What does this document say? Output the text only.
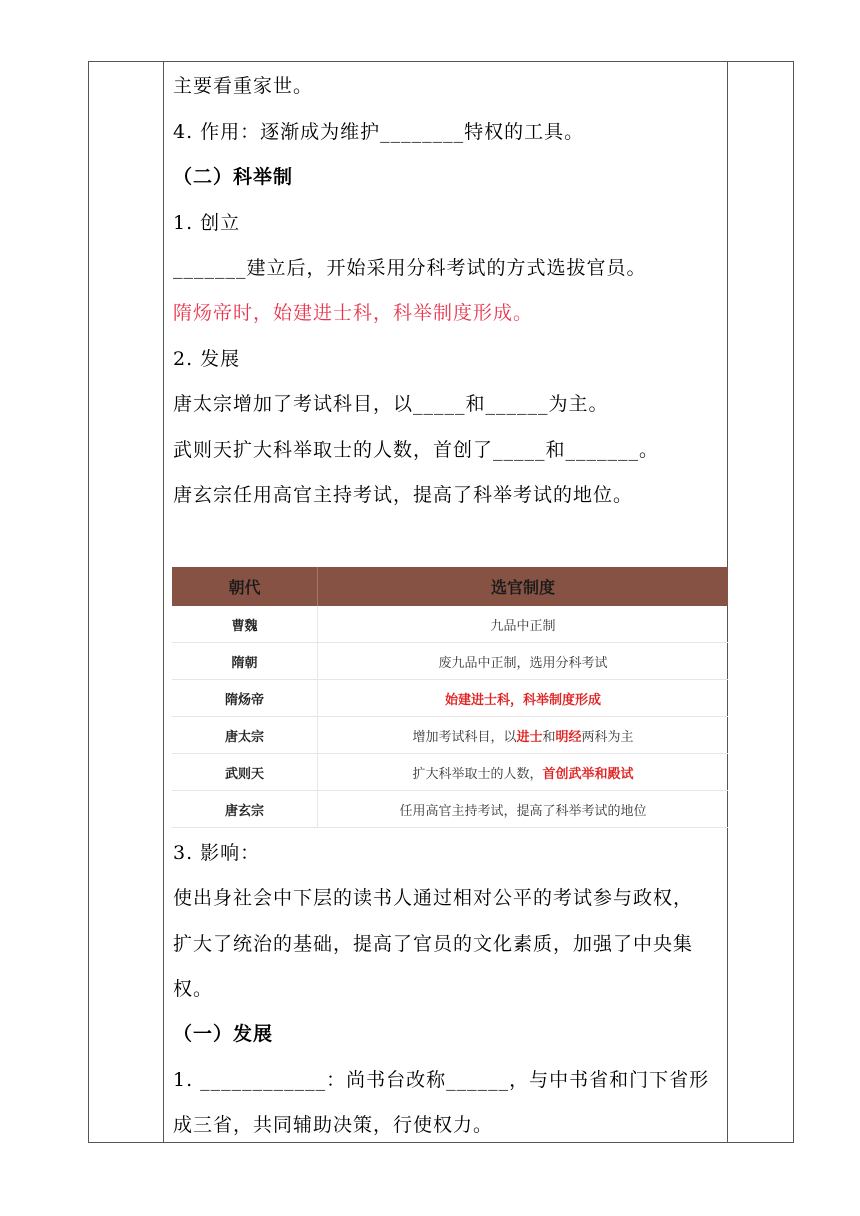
主要看重家世。
4. 作用：逐渐成为维护________特权的工具。
（二）科举制
1. 创立
_______建立后，开始采用分科考试的方式选拔官员。
隋炀帝时，始建进士科，科举制度形成。
2. 发展
唐太宗增加了考试科目，以_____和______为主。
武则天扩大科举取士的人数，首创了_____和_______。
唐玄宗任用高官主持考试，提高了科举考试的地位。
3. 影响：
使出身社会中下层的读书人通过相对公平的考试参与政权，
扩大了统治的基础，提高了官员的文化素质，加强了中央集
权。
（一）发展
1. ____________：尚书台改称______，与中书省和门下省形
成三省，共同辅助决策，行使权力。
朝代	选官制度
曹魏	九品中正制
隋朝	废九品中正制，选用分科考试
隋炀帝	始建进士科，科举制度形成
唐太宗	增加考试科目，以进士和明经两科为主
武则天	扩大科举取士的人数，首创武举和殿试
唐玄宗	任用高官主持考试，提高了科举考试的地位
